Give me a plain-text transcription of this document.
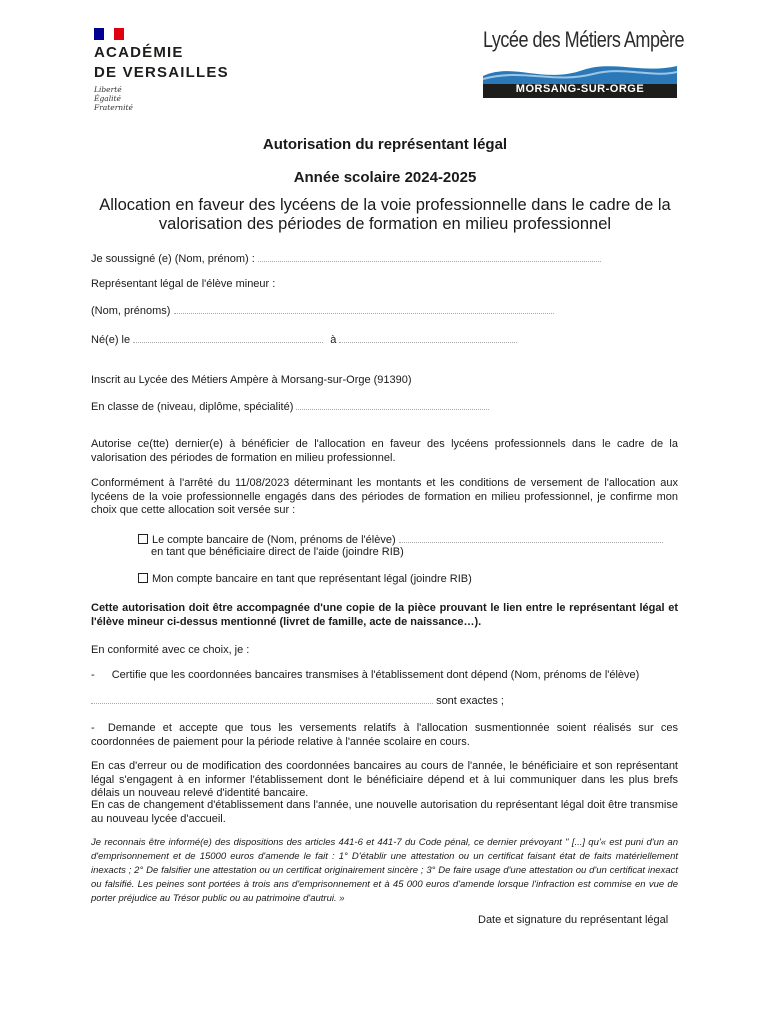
ACADÉMIE
DE VERSAILLES
Liberté
Égalité
Fraternité
Lycée des Métiers Ampère
MORSANG-SUR-ORGE
Autorisation du représentant légal
Année scolaire 2024-2025
Allocation en faveur des lycéens de la voie professionnelle dans le cadre de la valorisation des périodes de formation en milieu professionnel
Je soussigné (e) (Nom, prénom) :
Représentant légal de l'élève mineur :
(Nom, prénoms)
Né(e) le	à
Inscrit au Lycée des Métiers Ampère à Morsang-sur-Orge (91390)
En classe de (niveau, diplôme, spécialité)
Autorise ce(tte) dernier(e) à bénéficier de l'allocation en faveur des lycéens professionnels dans le cadre de la valorisation des périodes de formation en milieu professionnel.
Conformément à l'arrêté du 11/08/2023 déterminant les montants et les conditions de versement de l'allocation aux lycéens de la voie professionnelle engagés dans des périodes de formation en milieu professionnel, je confirme mon choix que cette allocation soit versée sur :
Le compte bancaire de (Nom, prénoms de l'élève)
en tant que bénéficiaire direct de l'aide (joindre RIB)
Mon compte bancaire en tant que représentant légal (joindre RIB)
Cette autorisation doit être accompagnée d'une copie de la pièce prouvant le lien entre le représentant légal et l'élève mineur ci-dessus mentionné (livret de famille, acte de naissance…).
En conformité avec ce choix, je :
- Certifie que les coordonnées bancaires transmises à l'établissement dont dépend (Nom, prénoms de l'élève)
sont exactes ;
- Demande et accepte que tous les versements relatifs à l'allocation susmentionnée soient réalisés sur ces coordonnées de paiement pour la période relative à l'année scolaire en cours.
En cas d'erreur ou de modification des coordonnées bancaires au cours de l'année, le bénéficiaire et son représentant légal s'engagent à en informer l'établissement dont le bénéficiaire dépend et à lui communiquer dans les plus brefs délais un nouveau relevé d'identité bancaire.
En cas de changement d'établissement dans l'année, une nouvelle autorisation du représentant légal doit être transmise au nouveau lycée d'accueil.
Je reconnais être informé(e) des dispositions des articles 441-6 et 441-7 du Code pénal, ce dernier prévoyant " [...] qu'« est puni d'un an d'emprisonnement et de 15000 euros d'amende le fait : 1° D'établir une attestation ou un certificat faisant état de faits matériellement inexacts ; 2° De falsifier une attestation ou un certificat originairement sincère ; 3° De faire usage d'une attestation ou d'un certificat inexact ou falsifié. Les peines sont portées à trois ans d'emprisonnement et à 45 000 euros d'amende lorsque l'infraction est commise en vue de porter préjudice au Trésor public ou au patrimoine d'autrui. »
Date et signature du représentant légal
